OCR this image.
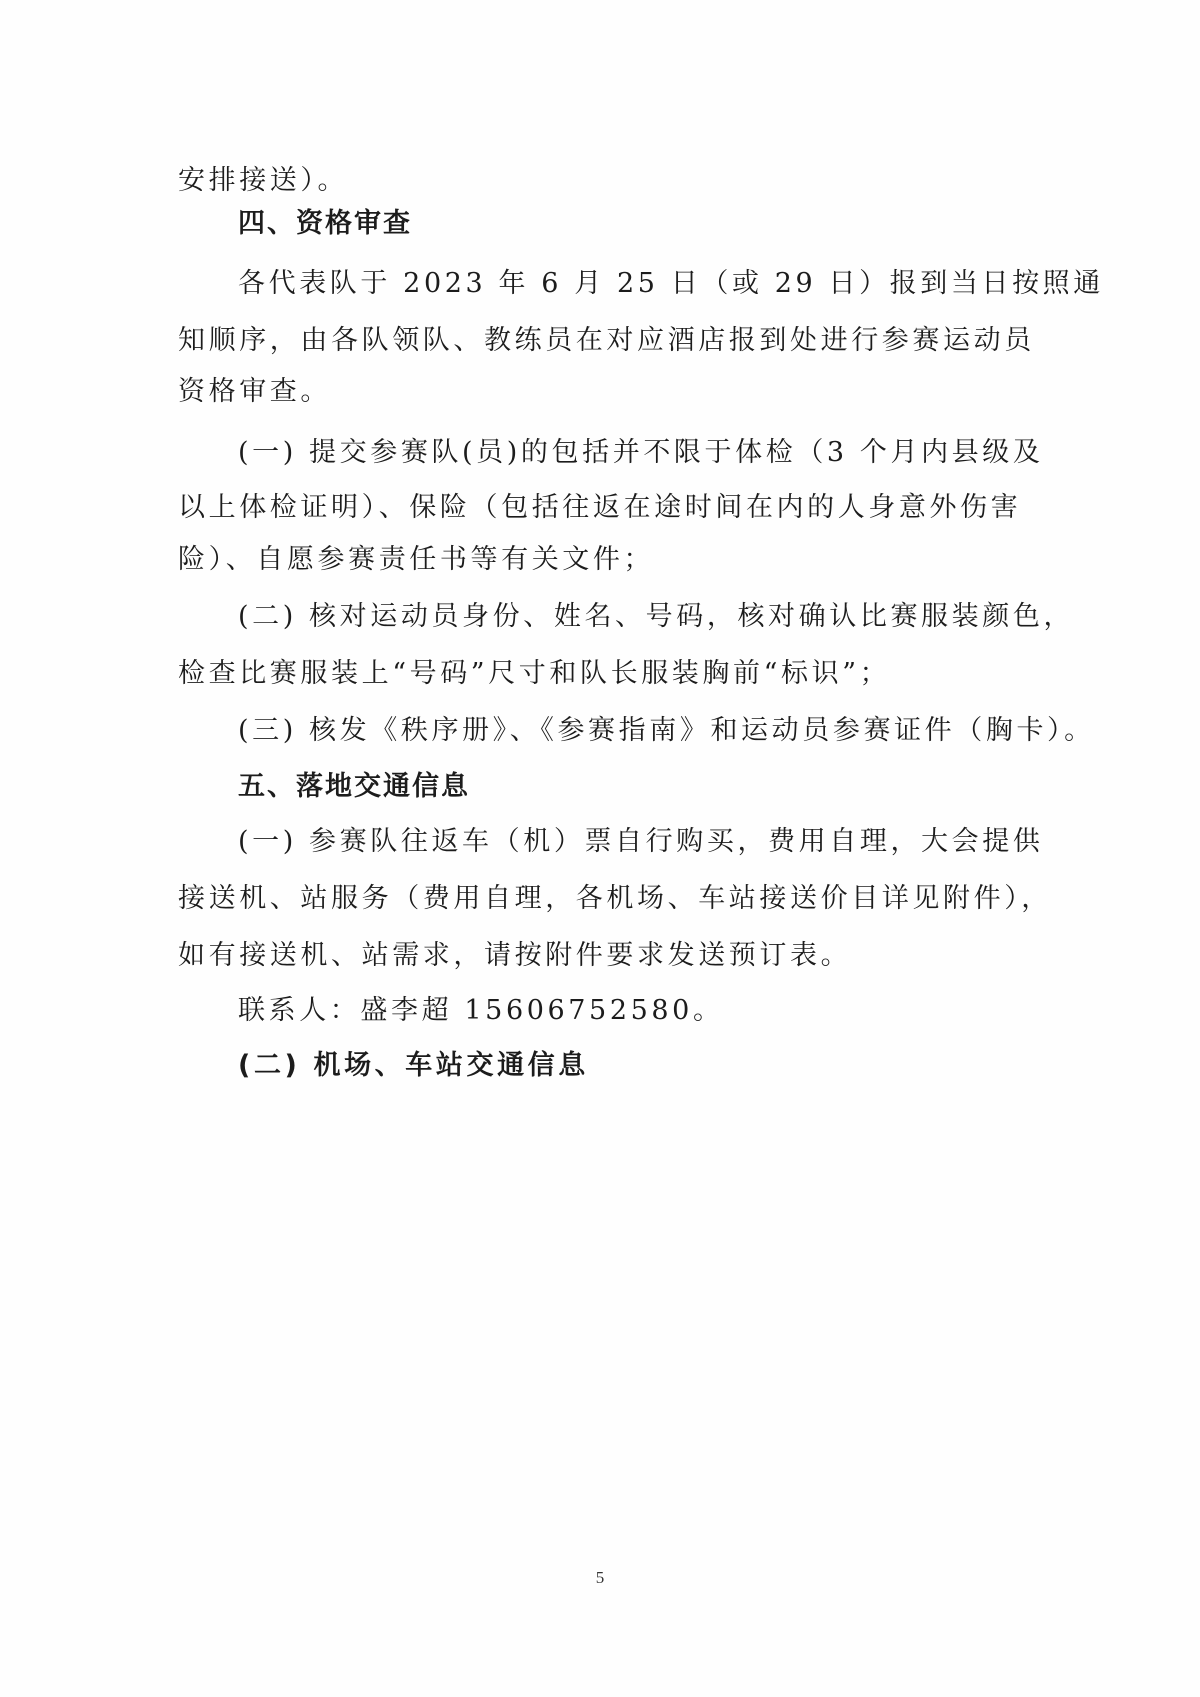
安排接送）。
四、资格审查
各代表队于 2023 年 6 月 25 日（或 29 日）报到当日按照通
知顺序，由各队领队、教练员在对应酒店报到处进行参赛运动员
资格审查。
(一) 提交参赛队(员)的包括并不限于体检（3 个月内县级及
以上体检证明）、保险（包括往返在途时间在内的人身意外伤害
险）、自愿参赛责任书等有关文件；
(二) 核对运动员身份、姓名、号码，核对确认比赛服装颜色，
检查比赛服装上“号码”尺寸和队长服装胸前“标识”；
(三) 核发《秩序册》、《参赛指南》和运动员参赛证件（胸卡）。
五、落地交通信息
(一) 参赛队往返车（机）票自行购买，费用自理，大会提供
接送机、站服务（费用自理，各机场、车站接送价目详见附件），
如有接送机、站需求，请按附件要求发送预订表。
联系人：盛李超 15606752580。
(二) 机场、车站交通信息
5
